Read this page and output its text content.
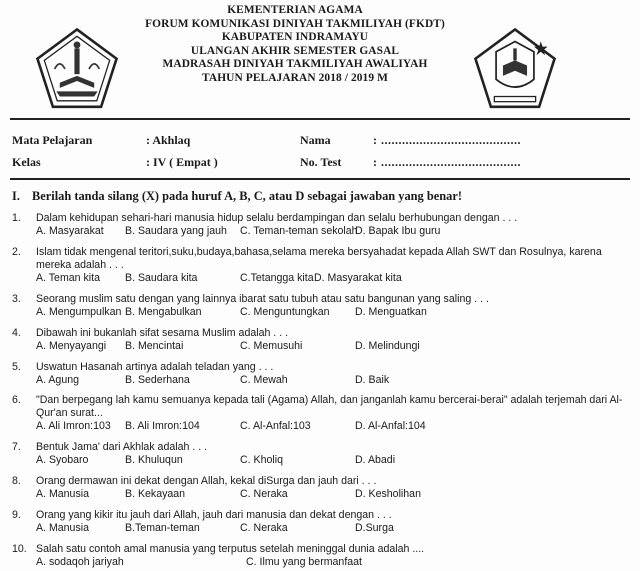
KEMENTERIAN AGAMA
FORUM KOMUNIKASI DINIYAH TAKMILIYAH (FKDT)
KABUPATEN INDRAMAYU
ULANGAN AKHIR SEMESTER GASAL
MADRASAH DINIYAH TAKMILIYAH AWALIYAH
TAHUN PELAJARAN 2018 / 2019 M
Mata Pelajaran	: Akhlaq	Nama	: ........................................
Kelas	: IV ( Empat )	No. Test	: ........................................
I. Berilah tanda silang (X) pada huruf A, B, C, atau D sebagai jawaban yang benar!
1. Dalam kehidupan sehari-hari manusia hidup selalu berdampingan dan selalu berhubungan dengan . . .
A. Masyarakat B. Saudara yang jauh C. Teman-teman sekolah
D. Bapak Ibu guru
2. Islam tidak mengenal teritori,suku,budaya,bahasa,selama mereka bersyahadat kepada Allah SWT dan Rosulnya, karena mereka adalah . . .
A. Teman kita B. Saudara kita	C.Tetangga kita D. Masyarakat kita
3. Seorang muslim satu dengan yang lainnya ibarat satu tubuh atau satu bangunan yang saling . . .
A. Mengumpulkan B. Mengabulkan	C. Menguntungkan D. Menguatkan
4. Dibawah ini bukanlah sifat sesama Muslim adalah . . .
A. Menyayangi B. Mencintai	C. Memusuhi	D. Melindungi
5. Uswatun Hasanah artinya adalah teladan yang . . .
A. Agung	B. Sederhana	C. Mewah	D. Baik
6. "Dan berpegang lah kamu semuanya kepada tali (Agama) Allah, dan janganlah kamu bercerai-berai" adalah terjemah dari Al-Qur'an surat...
A. Ali Imron:103 B. Ali Imron:104	C. Al-Anfal:103	D. Al-Anfal:104
7. Bentuk Jama' dari Akhlak adalah . . .
A. Syobaro	B. Khuluqun	C. Kholiq	D. Abadi
8. Orang dermawan ini dekat dengan Allah, kekal diSurga dan jauh dari . . .
A. Manusia	B. Kekayaan	C. Neraka	D. Kesholihan
9. Orang yang kikir itu jauh dari Allah, jauh dari manusia dan dekat dengan . . .
A. Manusia	B.Teman-teman	C. Neraka	D.Surga
10. Salah satu contoh amal manusia yang terputus setelah meninggal dunia adalah ....
A. sodaqoh jariyah	C. Ilmu yang bermanfaat
